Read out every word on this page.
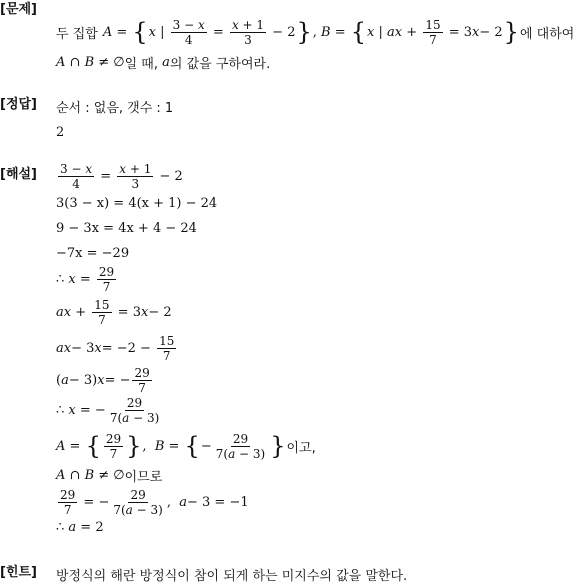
[문제]
[정답]
[해설]
[힌트]
두 집합 A = { x | $\frac{3 - x}{4} = \frac{x + 1}{3} - 2$ } , B = { x | ax + $\frac{15}{7} = 3$ x − 2 } 에 대하여
A ∩ B ≠ ∅ 일 때,
a 의 값을 구하여라.
순서 : 없음, 갯수 : 1
2
$\frac{3 - x}{4} = \frac{x + 1}{3} - 2$
3(3 − x) = 4(x + 1) − 24
9 − 3x = 4x + 4 − 24
−7x = −29
∴ $x = \frac{29}{7}$
ax + $\frac{15}{7} = 3$ x − 2
ax − 3 $x = -2 - \frac{15}{7}$
( a − 3) x = − $\frac{29}{7}$
∴ x = − $\frac{29}{7(a - 3)}$
A = { $\frac{29}{7}$ } , B = { − $\frac{29}{7(a - 3)}$ } 이고,
A ∩ B ≠ ∅ 이므로
$\frac{29}{7}$ = − $\frac{29}{7(a - 3)}$ , a − 3 = −1
∴ a = 2
방정식의 해란 방정식이 참이 되게 하는 미지수의 값을 말한다.
